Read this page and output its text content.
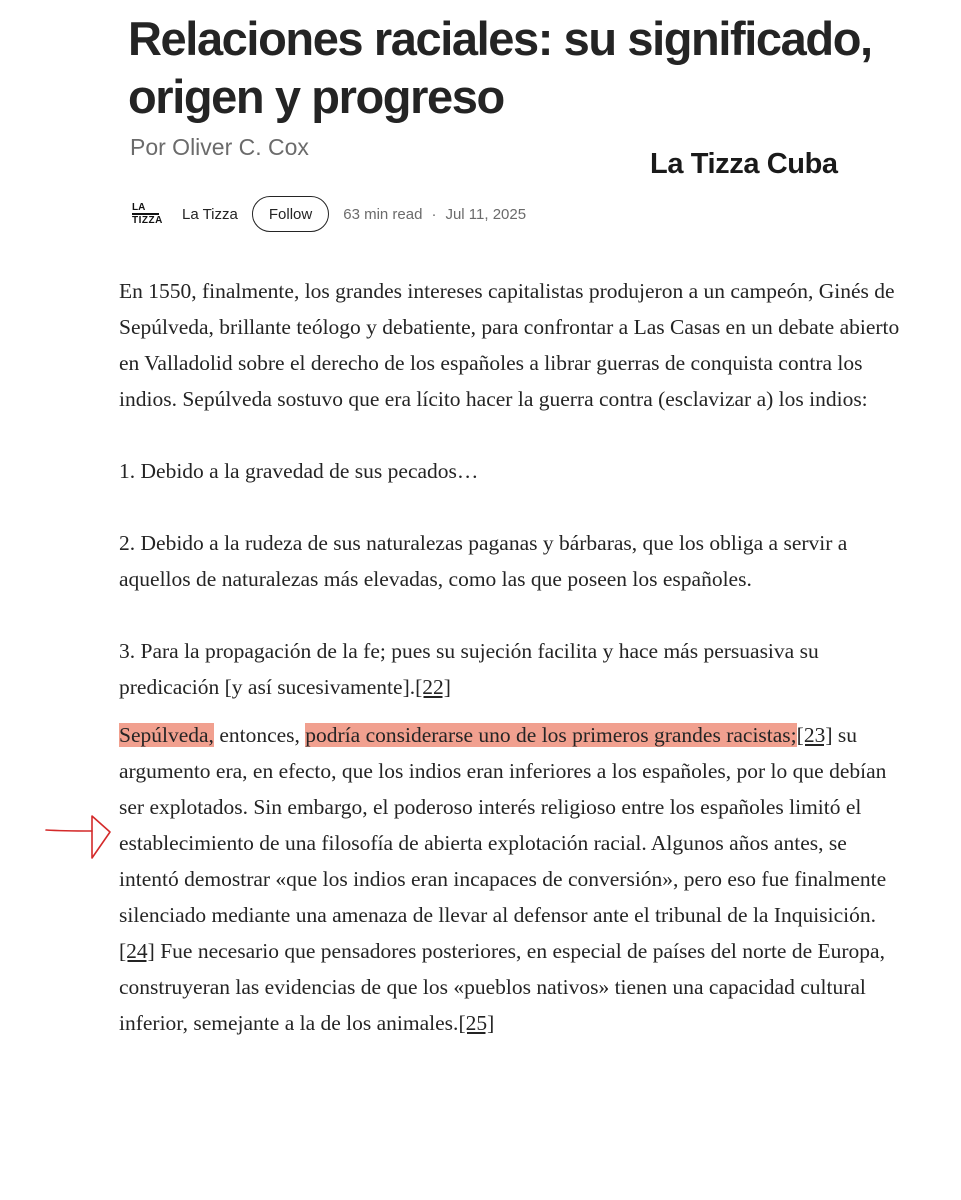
Relaciones raciales: su significado, origen y progreso
Por Oliver C. Cox
La Tizza Cuba
LA
TIZZA La Tizza	Follow	63 min read · Jul 11, 2025

En 1550, finalmente, los grandes intereses capitalistas produjeron a un campeón, Ginés de Sepúlveda, brillante teólogo y debatiente, para confrontar a Las Casas en un debate abierto en Valladolid sobre el derecho de los españoles a librar guerras de conquista contra los indios. Sepúlveda sostuvo que era lícito hacer la guerra contra (esclavizar a) los indios:

1. Debido a la gravedad de sus pecados…

2. Debido a la rudeza de sus naturalezas paganas y bárbaras, que los obliga a servir a aquellos de naturalezas más elevadas, como las que poseen los españoles.

3. Para la propagación de la fe; pues su sujeción facilita y hace más persuasiva su predicación [y así sucesivamente].[22]

Sepúlveda, entonces, podría considerarse uno de los primeros grandes racistas;[23] su argumento era, en efecto, que los indios eran inferiores a los españoles, por lo que debían ser explotados. Sin embargo, el poderoso interés religioso entre los españoles limitó el establecimiento de una filosofía de abierta explotación racial. Algunos años antes, se intentó demostrar «que los indios eran incapaces de conversión», pero eso fue finalmente silenciado mediante una amenaza de llevar al defensor ante el tribunal de la Inquisición.[24] Fue necesario que pensadores posteriores, en especial de países del norte de Europa, construyeran las evidencias de que los «pueblos nativos» tienen una capacidad cultural inferior, semejante a la de los animales.[25]
